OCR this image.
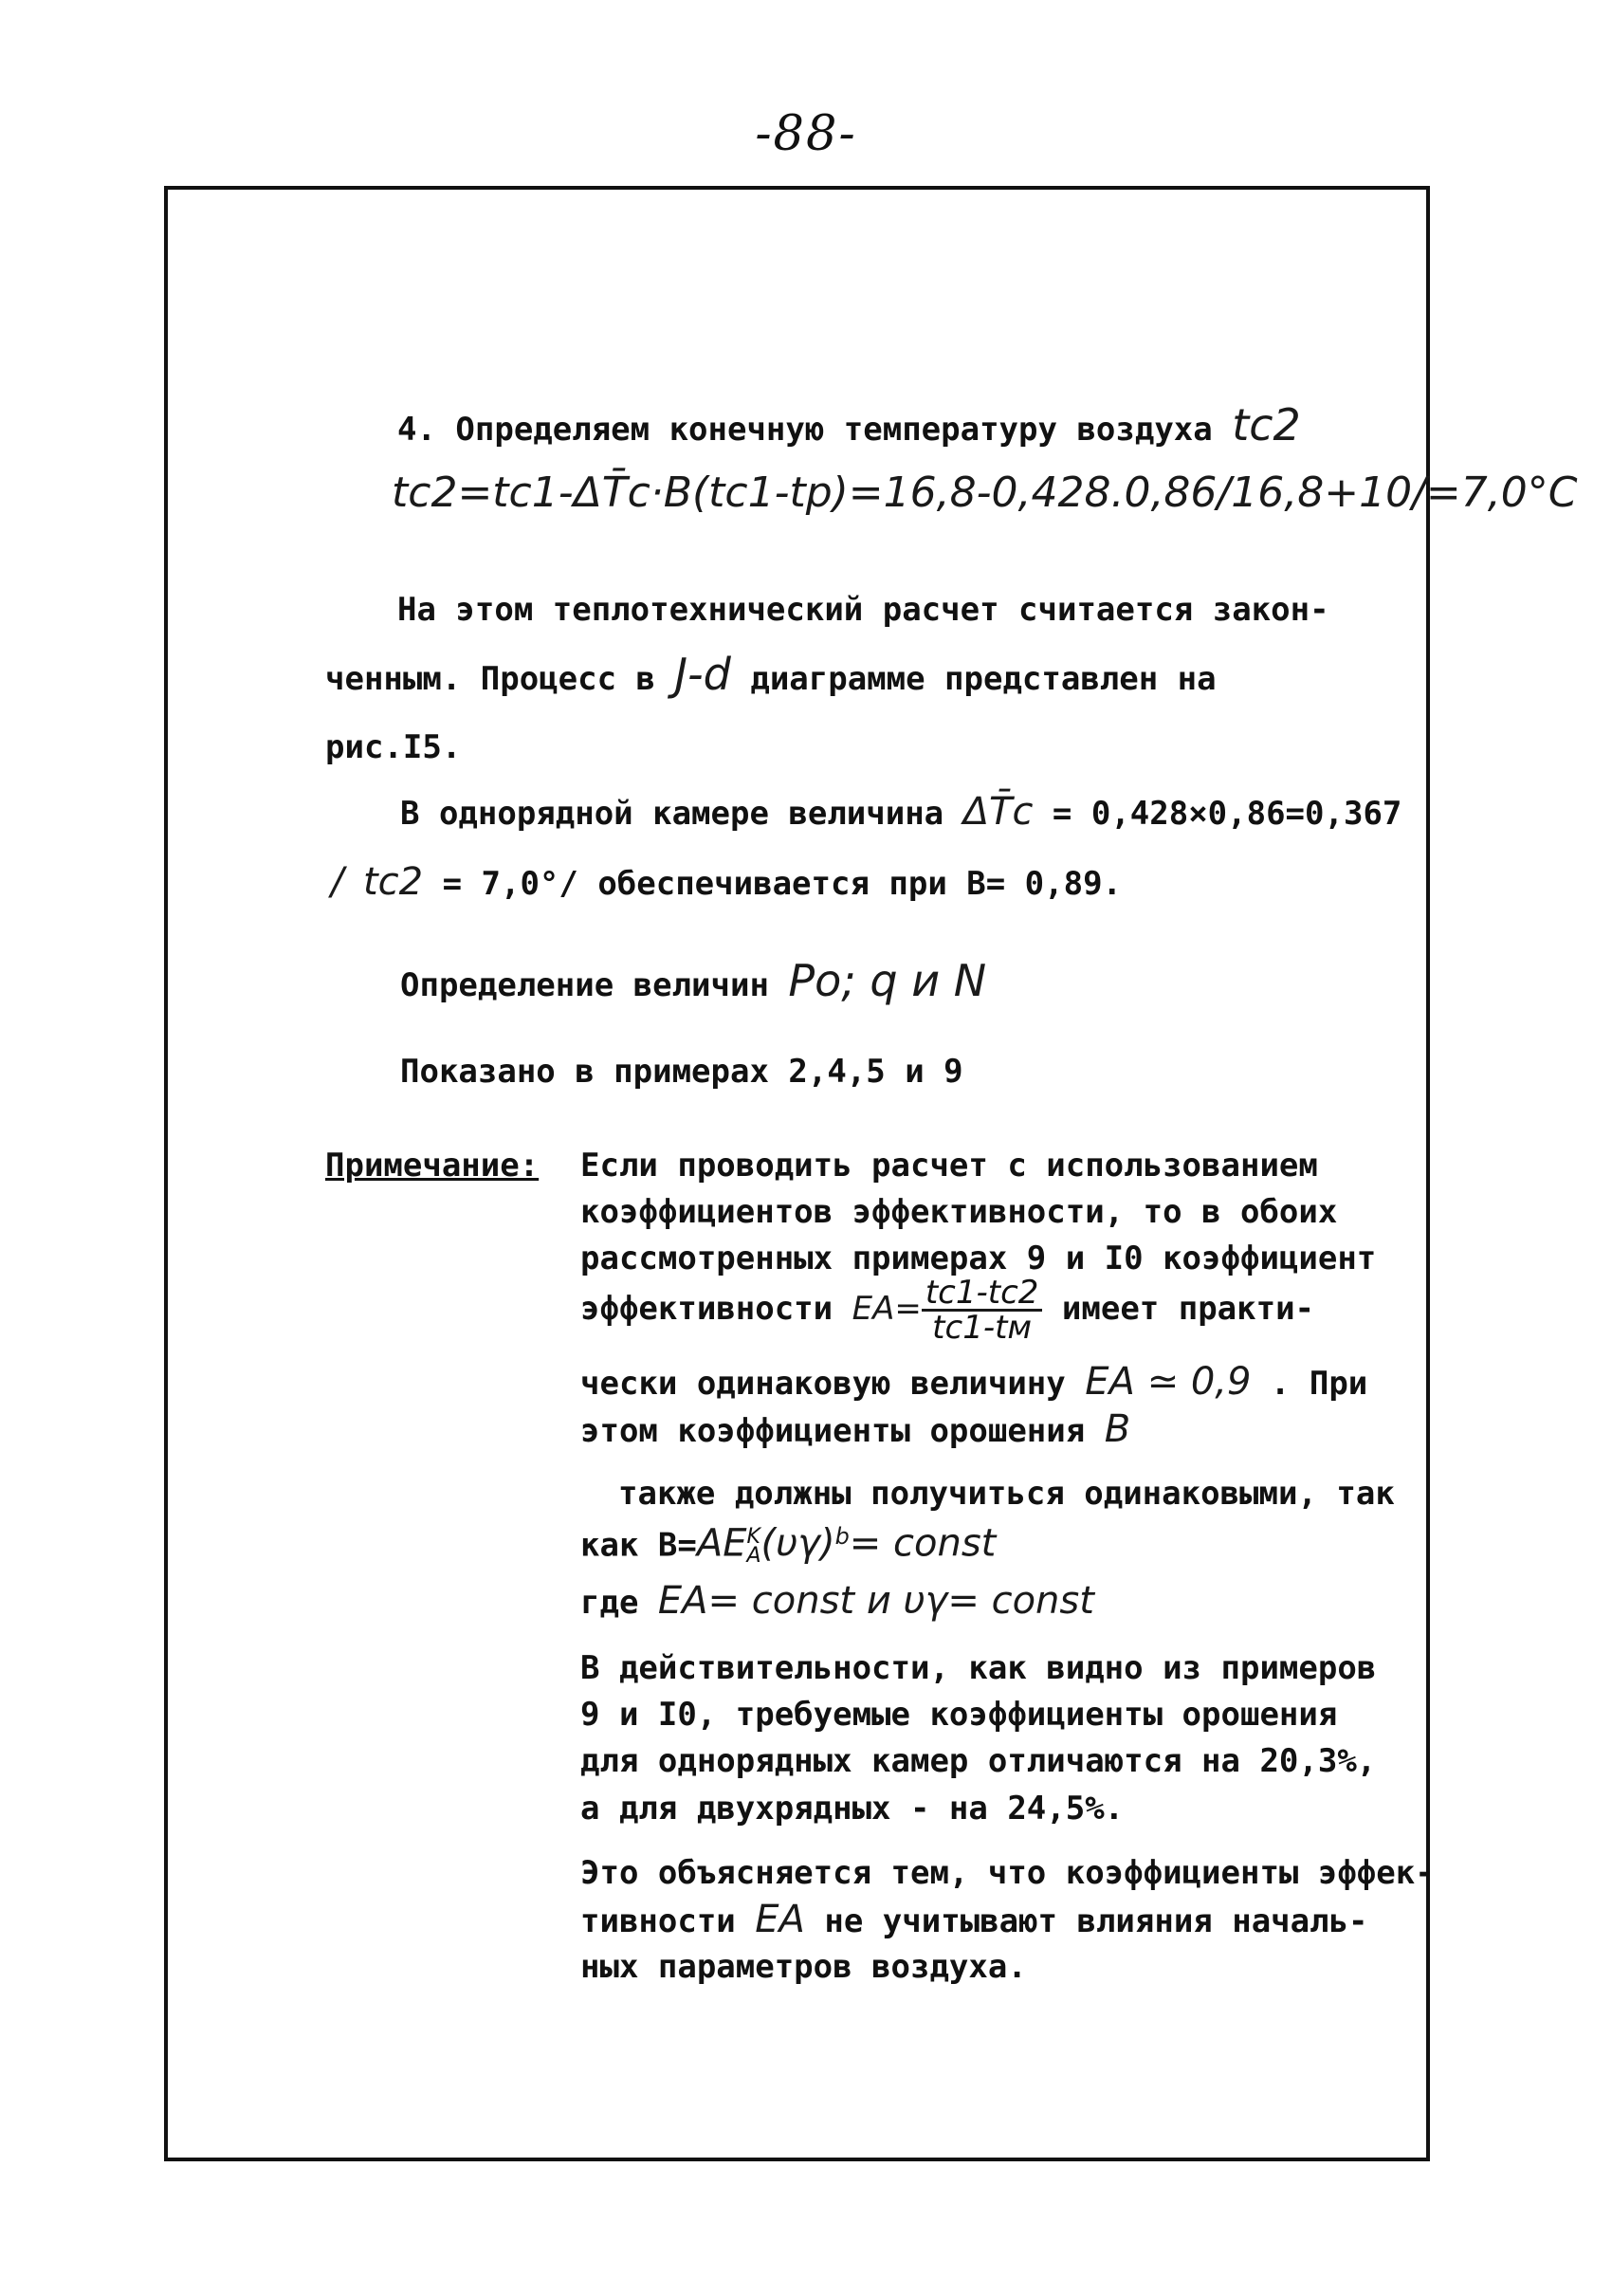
-88-
4. Определяем конечную температуру воздуха tc2
tc2=tc1-ΔT̄c·B(tc1-tp)=16,8-0,428.0,86/16,8+10/=7,0°C
На этом теплотехнический расчет считается закон-
ченным. Процесс в J-d диаграмме представлен на
рис.I5.
В однорядной камере величина ΔT̄c = 0,428×0,86=0,367
/ tc2 = 7,0°/ обеспечивается при B= 0,89.
Определение величин Po; q и N
Показано в примерах 2,4,5 и 9
Примечание: Если проводить расчет с использованием
коэффициентов эффективности, то в обоих
рассмотренных примерах 9 и I0 коэффициент
эффективности $EA= \frac{tc1-tc2}{tc1-tм}$ имеет практи-
чески одинаковую величину EA ≃ 0,9 . При
этом коэффициенты орошения B
также должны получиться одинаковыми, так
как B=AE K
A $(\upsilon\gamma)^b=$ const
где EA= const и υγ= const
В действительности, как видно из примеров
9 и I0, требуемые коэффициенты орошения
для однорядных камер отличаются на 20,3%,
а для двухрядных - на 24,5%.
Это объясняется тем, что коэффициенты эффек-
тивности EA не учитывают влияния началь-
ных параметров воздуха.
